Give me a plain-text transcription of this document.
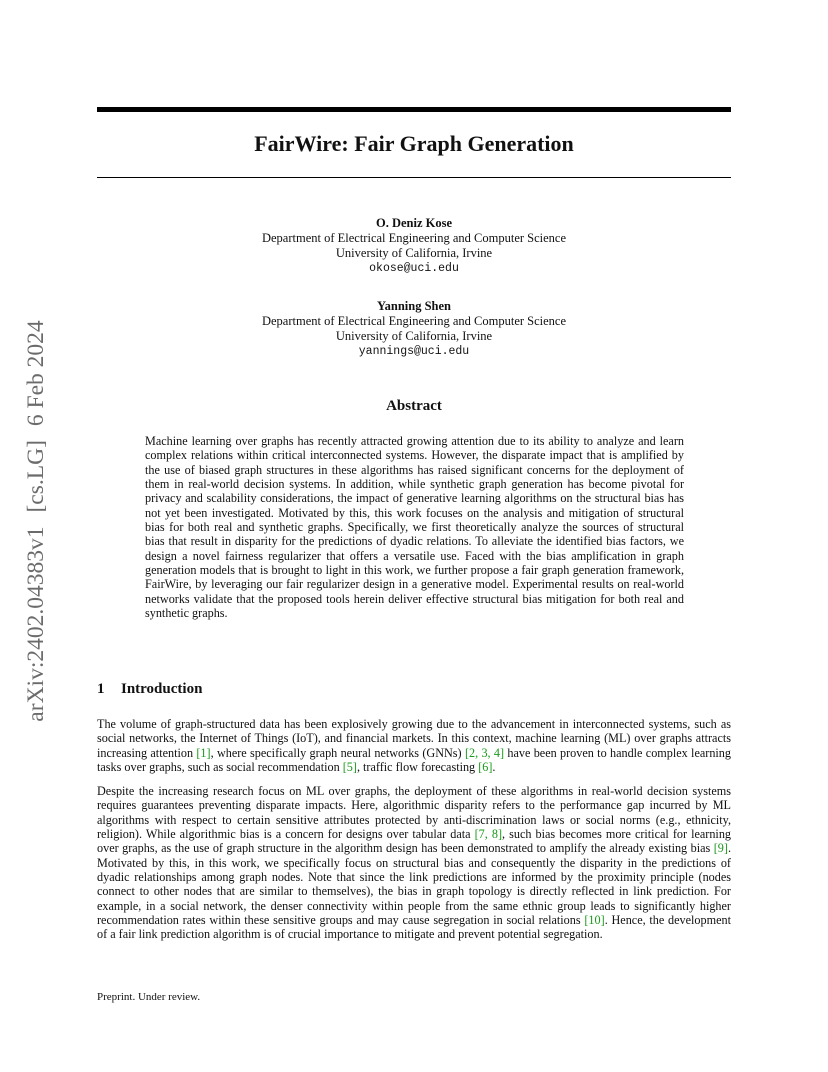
arXiv:2402.04383v1[cs.LG]6 Feb 2024
FairWire: Fair Graph Generation
O. Deniz Kose
Department of Electrical Engineering and Computer Science
University of California, Irvine
okose@uci.edu
Yanning Shen
Department of Electrical Engineering and Computer Science
University of California, Irvine
yannings@uci.edu
Abstract
Machine learning over graphs has recently attracted growing attention due to its ability to analyze and learn complex relations within critical interconnected systems. However, the disparate impact that is amplified by the use of biased graph structures in these algorithms has raised significant concerns for the deployment of them in real-world decision systems. In addition, while synthetic graph generation has become pivotal for privacy and scalability considerations, the impact of generative learning algorithms on the structural bias has not yet been investigated. Motivated by this, this work focuses on the analysis and mitigation of structural bias for both real and synthetic graphs. Specifically, we first theoretically analyze the sources of structural bias that result in disparity for the predictions of dyadic relations. To alleviate the identified bias factors, we design a novel fairness regularizer that offers a versatile use. Faced with the bias amplification in graph generation models that is brought to light in this work, we further propose a fair graph generation framework, FairWire, by leveraging our fair regularizer design in a generative model. Experimental results on real-world networks validate that the proposed tools herein deliver effective structural bias mitigation for both real and synthetic graphs.
1 Introduction
The volume of graph-structured data has been explosively growing due to the advancement in interconnected systems, such as social networks, the Internet of Things (IoT), and financial markets. In this context, machine learning (ML) over graphs attracts increasing attention [1], where specifically graph neural networks (GNNs) [2, 3, 4] have been proven to handle complex learning tasks over graphs, such as social recommendation [5], traffic flow forecasting [6].
Despite the increasing research focus on ML over graphs, the deployment of these algorithms in real-world decision systems requires guarantees preventing disparate impacts. Here, algorithmic disparity refers to the performance gap incurred by ML algorithms with respect to certain sensitive attributes protected by anti-discrimination laws or social norms (e.g., ethnicity, religion). While algorithmic bias is a concern for designs over tabular data [7, 8], such bias becomes more critical for learning over graphs, as the use of graph structure in the algorithm design has been demonstrated to amplify the already existing bias [9]. Motivated by this, in this work, we specifically focus on structural bias and consequently the disparity in the predictions of dyadic relationships among graph nodes. Note that since the link predictions are informed by the proximity principle (nodes connect to other nodes that are similar to themselves), the bias in graph topology is directly reflected in link prediction. For example, in a social network, the denser connectivity within people from the same ethnic group leads to significantly higher recommendation rates within these sensitive groups and may cause segregation in social relations [10]. Hence, the development of a fair link prediction algorithm is of crucial importance to mitigate and prevent potential segregation.
Preprint. Under review.
